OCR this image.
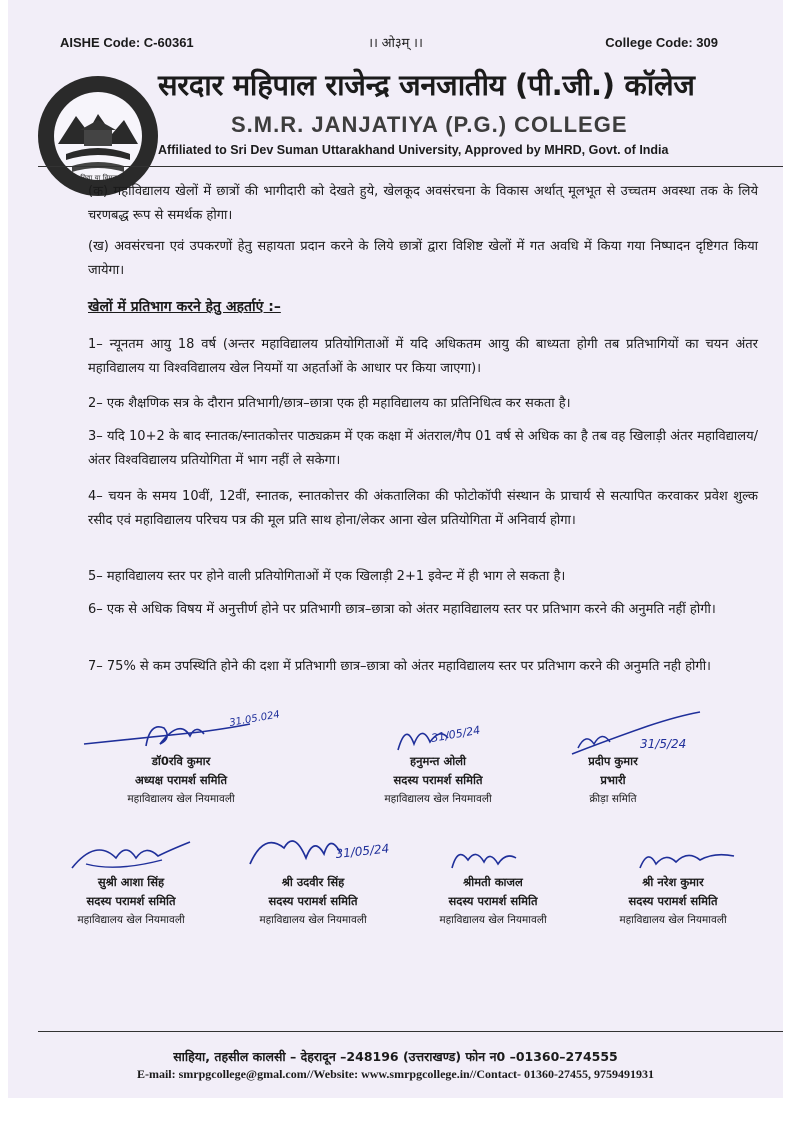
AISHE Code: C-60361	।। ओ३म् ।।	College Code: 309
सा विद्या या विमुक्तये
सरदार महिपाल राजेन्द्र जनजातीय (पी.जी.) कॉलेज
S.M.R. JANJATIYA (P.G.) COLLEGE
Affiliated to Sri Dev Suman Uttarakhand University, Approved by MHRD, Govt. of India
(क) महाविद्यालय खेलों में छात्रों की भागीदारी को देखते हुये, खेलकूद अवसंरचना के विकास अर्थात् मूलभूत से उच्चतम अवस्था तक के लिये चरणबद्ध रूप से समर्थक होगा।
(ख) अवसंरचना एवं उपकरणों हेतु सहायता प्रदान करने के लिये छात्रों द्वारा विशिष्ट खेलों में गत अवधि में किया गया निष्पादन दृष्टिगत किया जायेगा।
खेलों में प्रतिभाग करने हेतु अहर्ताएं :–
1– न्यूनतम आयु 18 वर्ष (अन्तर महाविद्यालय प्रतियोगिताओं में यदि अधिकतम आयु की बाध्यता होगी तब प्रतिभागियों का चयन अंतर महाविद्यालय या विश्वविद्यालय खेल नियमों या अहर्ताओं के आधार पर किया जाएगा)।
2– एक शैक्षणिक सत्र के दौरान प्रतिभागी/छात्र–छात्रा एक ही महाविद्यालय का प्रतिनिधित्व कर सकता है।
3– यदि 10+2 के बाद स्नातक/स्नातकोत्तर पाठ्यक्रम में एक कक्षा में अंतराल/गैप 01 वर्ष से अधिक का है तब वह खिलाड़ी अंतर महाविद्यालय/अंतर विश्वविद्यालय प्रतियोगिता में भाग नहीं ले सकेगा।
4– चयन के समय 10वीं, 12वीं, स्नातक, स्नातकोत्तर की अंकतालिका की फोटोकॉपी संस्थान के प्राचार्य से सत्यापित करवाकर प्रवेश शुल्क रसीद एवं महाविद्यालय परिचय पत्र की मूल प्रति साथ होना/लेकर आना खेल प्रतियोगिता में अनिवार्य होगा।
5– महाविद्यालय स्तर पर होने वाली प्रतियोगिताओं में एक खिलाड़ी 2+1 इवेन्ट में ही भाग ले सकता है।
6– एक से अधिक विषय में अनुत्तीर्ण होने पर प्रतिभागी छात्र–छात्रा को अंतर महाविद्यालय स्तर पर प्रतिभाग करने की अनुमति नहीं होगी।
7– 75% से कम उपस्थिति होने की दशा में प्रतिभागी छात्र–छात्रा को अंतर महाविद्यालय स्तर पर प्रतिभाग करने की अनुमति नही होगी।
31.05.024
डॉ0रवि कुमार
अध्यक्ष परामर्श समिति
महाविद्यालय खेल नियमावली
31/05/24
हनुमन्त ओली
सदस्य परामर्श समिति
महाविद्यालय खेल नियमावली
31/5/24
प्रदीप कुमार
प्रभारी
क्रीड़ा समिति
सुश्री आशा सिंह
सदस्य परामर्श समिति
महाविद्यालय खेल नियमावली
31/05/24
श्री उदवीर सिंह
सदस्य परामर्श समिति
महाविद्यालय खेल नियमावली
श्रीमती काजल
सदस्य परामर्श समिति
महाविद्यालय खेल नियमावली
श्री नरेश कुमार
सदस्य परामर्श समिति
महाविद्यालय खेल नियमावली
साहिया, तहसील कालसी – देहरादून –248196 (उत्तराखण्ड) फोन न0 –01360–274555
E-mail: smrpgcollege@gmal.com//Website: www.smrpgcollege.in//Contact- 01360-27455, 9759491931
